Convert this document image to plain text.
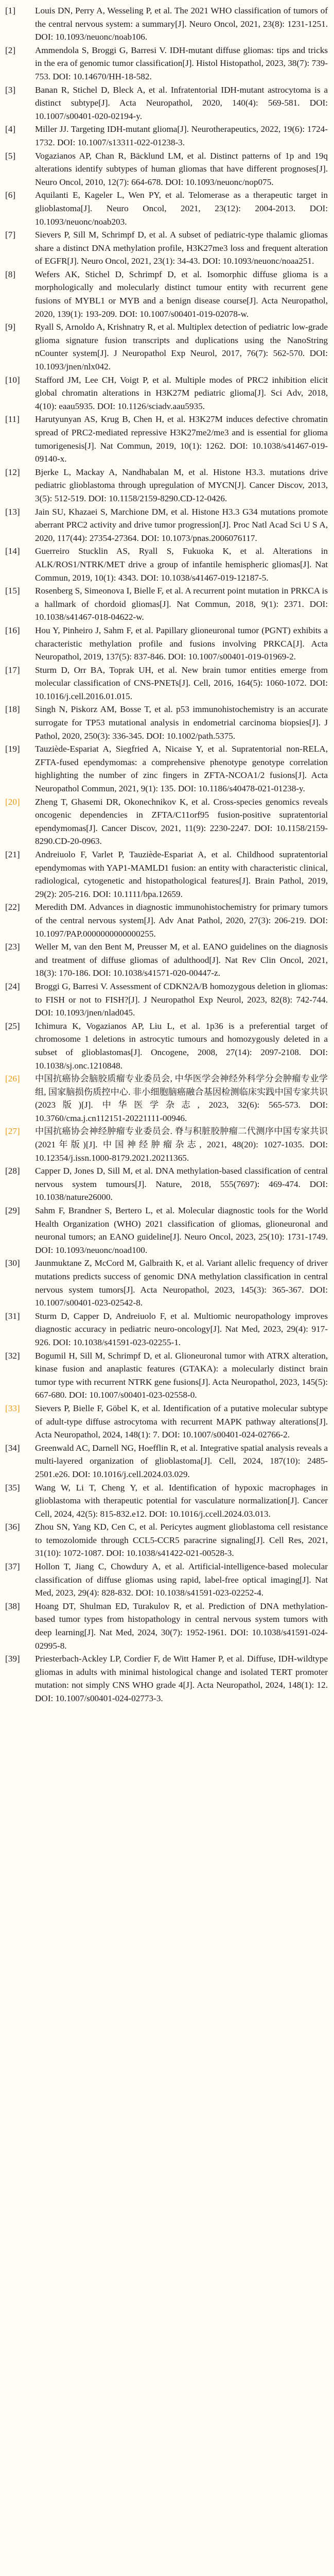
[1]	Louis DN, Perry A, Wesseling P, et al. The 2021 WHO classification of tumors of the central nervous system: a summary[J]. Neuro Oncol, 2021, 23(8): 1231-1251. DOI: 10.1093/neuonc/noab106.
[2]	Ammendola S, Broggi G, Barresi V. IDH-mutant diffuse gliomas: tips and tricks in the era of genomic tumor classification[J]. Histol Histopathol, 2023, 38(7): 739-753. DOI: 10.14670/HH-18-582.
[3]	Banan R, Stichel D, Bleck A, et al. Infratentorial IDH-mutant astrocytoma is a distinct subtype[J]. Acta Neuropathol, 2020, 140(4): 569-581. DOI: 10.1007/s00401-020-02194-y.
[4]	Miller JJ. Targeting IDH-mutant glioma[J]. Neurotherapeutics, 2022, 19(6): 1724-1732. DOI: 10.1007/s13311-022-01238-3.
[5]	Vogazianos AP, Chan R, Bäcklund LM, et al. Distinct patterns of 1p and 19q alterations identify subtypes of human gliomas that have different prognoses[J]. Neuro Oncol, 2010, 12(7): 664-678. DOI: 10.1093/neuonc/nop075.
[6]	Aquilanti E, Kageler L, Wen PY, et al. Telomerase as a therapeutic target in glioblastoma[J]. Neuro Oncol, 2021, 23(12): 2004-2013. DOI: 10.1093/neuonc/noab203.
[7]	Sievers P, Sill M, Schrimpf D, et al. A subset of pediatric-type thalamic gliomas share a distinct DNA methylation profile, H3K27me3 loss and frequent alteration of EGFR[J]. Neuro Oncol, 2021, 23(1): 34-43. DOI: 10.1093/neuonc/noaa251.
[8]	Wefers AK, Stichel D, Schrimpf D, et al. Isomorphic diffuse glioma is a morphologically and molecularly distinct tumour entity with recurrent gene fusions of MYBL1 or MYB and a benign disease course[J]. Acta Neuropathol, 2020, 139(1): 193-209. DOI: 10.1007/s00401-019-02078-w.
[9]	Ryall S, Arnoldo A, Krishnatry R, et al. Multiplex detection of pediatric low-grade glioma signature fusion transcripts and duplications using the NanoString nCounter system[J]. J Neuropathol Exp Neurol, 2017, 76(7): 562-570. DOI: 10.1093/jnen/nlx042.
[10]	Stafford JM, Lee CH, Voigt P, et al. Multiple modes of PRC2 inhibition elicit global chromatin alterations in H3K27M pediatric glioma[J]. Sci Adv, 2018, 4(10): eaau5935. DOI: 10.1126/sciadv.aau5935.
[11]	Harutyunyan AS, Krug B, Chen H, et al. H3K27M induces defective chromatin spread of PRC2-mediated repressive H3K27me2/me3 and is essential for glioma tumorigenesis[J]. Nat Commun, 2019, 10(1): 1262. DOI: 10.1038/s41467-019-09140-x.
[12]	Bjerke L, Mackay A, Nandhabalan M, et al. Histone H3.3. mutations drive pediatric glioblastoma through upregulation of MYCN[J]. Cancer Discov, 2013, 3(5): 512-519. DOI: 10.1158/2159-8290.CD-12-0426.
[13]	Jain SU, Khazaei S, Marchione DM, et al. Histone H3.3 G34 mutations promote aberrant PRC2 activity and drive tumor progression[J]. Proc Natl Acad Sci U S A, 2020, 117(44): 27354-27364. DOI: 10.1073/pnas.2006076117.
[14]	Guerreiro Stucklin AS, Ryall S, Fukuoka K, et al. Alterations in ALK/ROS1/NTRK/MET drive a group of infantile hemispheric gliomas[J]. Nat Commun, 2019, 10(1): 4343. DOI: 10.1038/s41467-019-12187-5.
[15]	Rosenberg S, Simeonova I, Bielle F, et al. A recurrent point mutation in PRKCA is a hallmark of chordoid gliomas[J]. Nat Commun, 2018, 9(1): 2371. DOI: 10.1038/s41467-018-04622-w.
[16]	Hou Y, Pinheiro J, Sahm F, et al. Papillary glioneuronal tumor (PGNT) exhibits a characteristic methylation profile and fusions involving PRKCA[J]. Acta Neuropathol, 2019, 137(5): 837-846. DOI: 10.1007/s00401-019-01969-2.
[17]	Sturm D, Orr BA, Toprak UH, et al. New brain tumor entities emerge from molecular classification of CNS-PNETs[J]. Cell, 2016, 164(5): 1060-1072. DOI: 10.1016/j.cell.2016.01.015.
[18]	Singh N, Piskorz AM, Bosse T, et al. p53 immunohistochemistry is an accurate surrogate for TP53 mutational analysis in endometrial carcinoma biopsies[J]. J Pathol, 2020, 250(3): 336-345. DOI: 10.1002/path.5375.
[19]	Tauziède-Espariat A, Siegfried A, Nicaise Y, et al. Supratentorial non-RELA, ZFTA-fused ependymomas: a comprehensive phenotype genotype correlation highlighting the number of zinc fingers in ZFTA-NCOA1/2 fusions[J]. Acta Neuropathol Commun, 2021, 9(1): 135. DOI: 10.1186/s40478-021-01238-y.
[20]	Zheng T, Ghasemi DR, Okonechnikov K, et al. Cross-species genomics reveals oncogenic dependencies in ZFTA/C11orf95 fusion-positive supratentorial ependymomas[J]. Cancer Discov, 2021, 11(9): 2230-2247. DOI: 10.1158/2159-8290.CD-20-0963.
[21]	Andreiuolo F, Varlet P, Tauziède-Espariat A, et al. Childhood supratentorial ependymomas with YAP1-MAMLD1 fusion: an entity with characteristic clinical, radiological, cytogenetic and histopathological features[J]. Brain Pathol, 2019, 29(2): 205-216. DOI: 10.1111/bpa.12659.
[22]	Meredith DM. Advances in diagnostic immunohistochemistry for primary tumors of the central nervous system[J]. Adv Anat Pathol, 2020, 27(3): 206-219. DOI: 10.1097/PAP.0000000000000255.
[23]	Weller M, van den Bent M, Preusser M, et al. EANO guidelines on the diagnosis and treatment of diffuse gliomas of adulthood[J]. Nat Rev Clin Oncol, 2021, 18(3): 170-186. DOI: 10.1038/s41571-020-00447-z.
[24]	Broggi G, Barresi V. Assessment of CDKN2A/B homozygous deletion in gliomas: to FISH or not to FISH?[J]. J Neuropathol Exp Neurol, 2023, 82(8): 742-744. DOI: 10.1093/jnen/nlad045.
[25]	Ichimura K, Vogazianos AP, Liu L, et al. 1p36 is a preferential target of chromosome 1 deletions in astrocytic tumours and homozygously deleted in a subset of glioblastomas[J]. Oncogene, 2008, 27(14): 2097-2108. DOI: 10.1038/sj.onc.1210848.
[26]	中国抗癌协会脑胶质瘤专业委员会, 中华医学会神经外科学分会肿瘤专业学组, 国家脑损伤质控中心. 非小细胞脑癌融合基因检测临床实践中国专家共识(2023版)[J]. 中华医学杂志, 2023, 32(6): 565-573. DOI: 10.3760/cma.j.cn112151-20221111-00946.
[27]	中国抗癌协会神经肿瘤专业委员会. 脊与积脏胶肿瘤二代测序中国专家共识(2021年版)[J]. 中国神经肿瘤杂志, 2021, 48(20): 1027-1035. DOI: 10.12354/j.issn.1000-8179.2021.20211365.
[28]	Capper D, Jones D, Sill M, et al. DNA methylation-based classification of central nervous system tumours[J]. Nature, 2018, 555(7697): 469-474. DOI: 10.1038/nature26000.
[29]	Sahm F, Brandner S, Bertero L, et al. Molecular diagnostic tools for the World Health Organization (WHO) 2021 classification of gliomas, glioneuronal and neuronal tumors; an EANO guideline[J]. Neuro Oncol, 2023, 25(10): 1731-1749. DOI: 10.1093/neuonc/noad100.
[30]	Jaunmuktane Z, McCord M, Galbraith K, et al. Variant allelic frequency of driver mutations predicts success of genomic DNA methylation classification in central nervous system tumors[J]. Acta Neuropathol, 2023, 145(3): 365-367. DOI: 10.1007/s00401-023-02542-8.
[31]	Sturm D, Capper D, Andreiuolo F, et al. Multiomic neuropathology improves diagnostic accuracy in pediatric neuro-oncology[J]. Nat Med, 2023, 29(4): 917-926. DOI: 10.1038/s41591-023-02255-1.
[32]	Bogumil H, Sill M, Schrimpf D, et al. Glioneuronal tumor with ATRX alteration, kinase fusion and anaplastic features (GTAKA): a molecularly distinct brain tumor type with recurrent NTRK gene fusions[J]. Acta Neuropathol, 2023, 145(5): 667-680. DOI: 10.1007/s00401-023-02558-0.
[33]	Sievers P, Bielle F, Göbel K, et al. Identification of a putative molecular subtype of adult-type diffuse astrocytoma with recurrent MAPK pathway alterations[J]. Acta Neuropathol, 2024, 148(1): 7. DOI: 10.1007/s00401-024-02766-2.
[34]	Greenwald AC, Darnell NG, Hoefflin R, et al. Integrative spatial analysis reveals a multi-layered organization of glioblastoma[J]. Cell, 2024, 187(10): 2485-2501.e26. DOI: 10.1016/j.cell.2024.03.029.
[35]	Wang W, Li T, Cheng Y, et al. Identification of hypoxic macrophages in glioblastoma with therapeutic potential for vasculature normalization[J]. Cancer Cell, 2024, 42(5): 815-832.e12. DOI: 10.1016/j.ccell.2024.03.013.
[36]	Zhou SN, Yang KD, Cen C, et al. Pericytes augment glioblastoma cell resistance to temozolomide through CCL5-CCR5 paracrine signaling[J]. Cell Res, 2021, 31(10): 1072-1087. DOI: 10.1038/s41422-021-00528-3.
[37]	Hollon T, Jiang C, Chowdury A, et al. Artificial-intelligence-based molecular classification of diffuse gliomas using rapid, label-free optical imaging[J]. Nat Med, 2023, 29(4): 828-832. DOI: 10.1038/s41591-023-02252-4.
[38]	Hoang DT, Shulman ED, Turakulov R, et al. Prediction of DNA methylation-based tumor types from histopathology in central nervous system tumors with deep learning[J]. Nat Med, 2024, 30(7): 1952-1961. DOI: 10.1038/s41591-024-02995-8.
[39]	Priesterbach-Ackley LP, Cordier F, de Witt Hamer P, et al. Diffuse, IDH-wildtype gliomas in adults with minimal histological change and isolated TERT promoter mutation: not simply CNS WHO grade 4[J]. Acta Neuropathol, 2024, 148(1): 12. DOI: 10.1007/s00401-024-02773-3.
